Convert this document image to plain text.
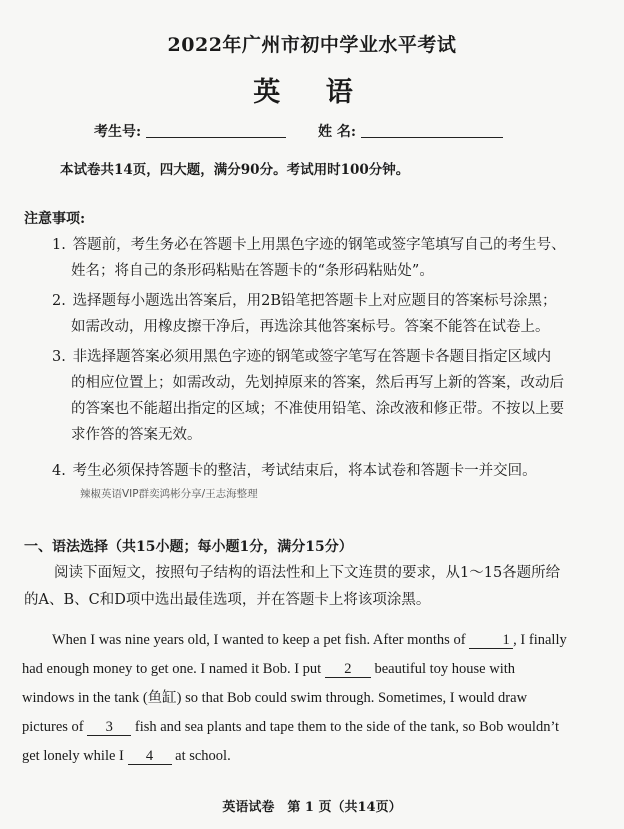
2022年广州市初中学业水平考试
英 语
考生号:	姓 名:
本试卷共14页，四大题，满分90分。考试用时100分钟。
注意事项:
1. 答题前，考生务必在答题卡上用黑色字迹的钢笔或签字笔填写自己的考生号、
姓名；将自己的条形码粘贴在答题卡的“条形码粘贴处”。
2. 选择题每小题选出答案后，用2B铅笔把答题卡上对应题目的答案标号涂黑；
如需改动，用橡皮擦干净后，再选涂其他答案标号。答案不能答在试卷上。
3. 非选择题答案必须用黑色字迹的钢笔或签字笔写在答题卡各题目指定区域内
的相应位置上；如需改动，先划掉原来的答案，然后再写上新的答案，改动后
的答案也不能超出指定的区域；不准使用铅笔、涂改液和修正带。不按以上要
求作答的答案无效。
4. 考生必须保持答题卡的整洁，考试结束后，将本试卷和答题卡一并交回。
辣椒英语VIP群奕鸿彬分享/王志海整理
一、语法选择（共15小题；每小题1分，满分15分）
阅读下面短文，按照句子结构的语法性和上下文连贯的要求，从1～15各题所给
的A、B、C和D项中选出最佳选项，并在答题卡上将该项涂黑。
When I was nine years old, I wanted to keep a pet fish. After months of	1 , I finally
had enough money to get one. I named it Bob. I put 2 beautiful toy house with
windows in the tank (鱼缸) so that Bob could swim through. Sometimes, I would draw
pictures of 3 fish and sea plants and tape them to the side of the tank, so Bob wouldn’t
get lonely while I 4 at school.
英语试卷　第 1 页（共14页）
